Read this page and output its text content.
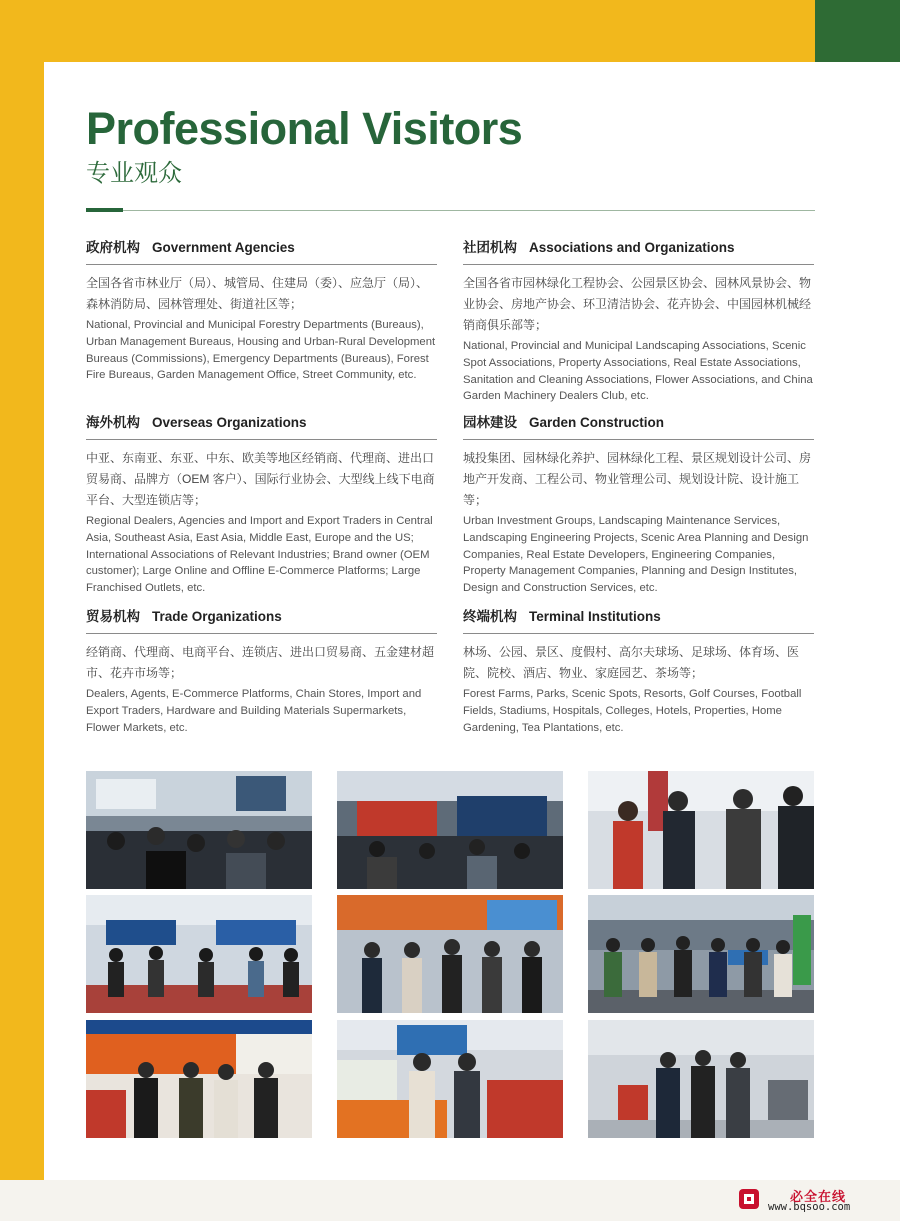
Professional Visitors
专业观众
政府机构 Government Agencies
全国各省市林业厅（局）、城管局、住建局（委）、应急厅（局）、森林消防局、园林管理处、街道社区等；
National, Provincial and Municipal Forestry Departments (Bureaus), Urban Management Bureaus, Housing and Urban-Rural Development Bureaus (Commissions), Emergency Departments (Bureaus), Forest Fire Bureaus, Garden Management Office, Street Community, etc.
社团机构 Associations and Organizations
全国各省市园林绿化工程协会、公园景区协会、园林风景协会、物业协会、房地产协会、环卫清洁协会、花卉协会、中国园林机械经销商俱乐部等；
National, Provincial and Municipal Landscaping Associations, Scenic Spot Associations, Property Associations, Real Estate Associations, Sanitation and Cleaning Associations, Flower Associations, and China Garden Machinery Dealers Club, etc.
海外机构 Overseas Organizations
中亚、东南亚、东亚、中东、欧美等地区经销商、代理商、进出口贸易商、品牌方（OEM 客户）、国际行业协会、大型线上线下电商平台、大型连锁店等；
Regional Dealers, Agencies and Import and Export Traders in Central Asia, Southeast Asia, East Asia, Middle East, Europe and the US; International Associations of Relevant Industries; Brand owner (OEM customer); Large Online and Offline E-Commerce Platforms; Large Franchised Outlets, etc.
园林建设 Garden Construction
城投集团、园林绿化养护、园林绿化工程、景区规划设计公司、房地产开发商、工程公司、物业管理公司、规划设计院、设计施工等；
Urban Investment Groups, Landscaping Maintenance Services, Landscaping Engineering Projects, Scenic Area Planning and Design Companies, Real Estate Developers, Engineering Companies, Property Management Companies, Planning and Design Institutes, Design and Construction Services, etc.
贸易机构 Trade Organizations
经销商、代理商、电商平台、连锁店、进出口贸易商、五金建材超市、花卉市场等；
Dealers, Agents, E-Commerce Platforms, Chain Stores, Import and Export Traders, Hardware and Building Materials Supermarkets, Flower Markets, etc.
终端机构 Terminal Institutions
林场、公园、景区、度假村、高尔夫球场、足球场、体育场、医院、院校、酒店、物业、家庭园艺、茶场等；
Forest Farms, Parks, Scenic Spots, Resorts, Golf Courses, Football Fields, Stadiums, Hospitals, Colleges, Hotels, Properties, Home Gardening, Tea Plantations, etc.
必全在线
www.bqsoo.com
